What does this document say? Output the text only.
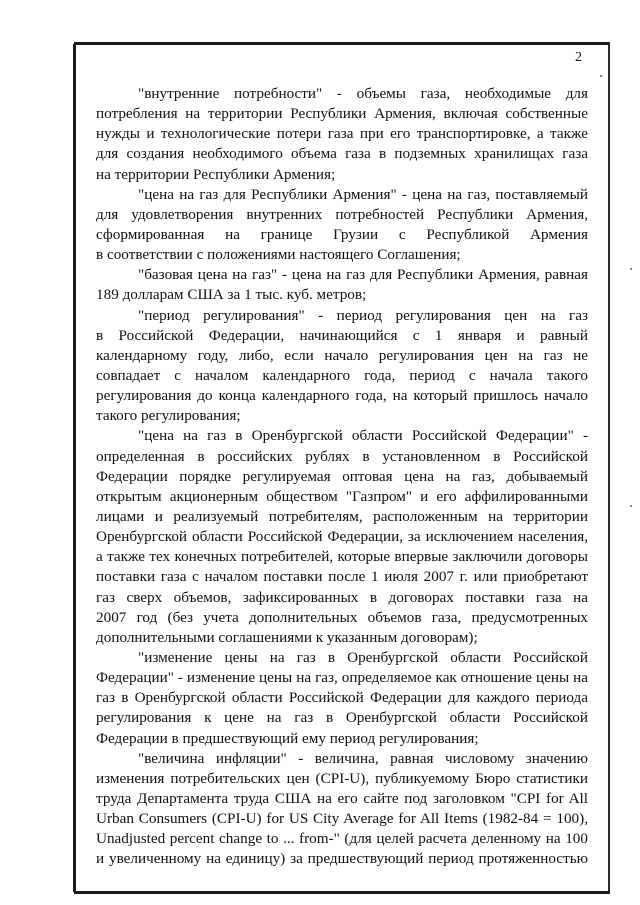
2
"внутренние потребности" - объемы газа, необходимые для
потребления на территории Республики Армения, включая собственные
нужды и технологические потери газа при его транспортировке, а также
для создания необходимого объема газа в подземных хранилищах газа
на территории Республики Армения;
"цена на газ для Республики Армения" - цена на газ, поставляемый
для удовлетворения внутренних потребностей Республики Армения,
сформированная на границе Грузии с Республикой Армения
в соответствии с положениями настоящего Соглашения;
"базовая цена на газ" - цена на газ для Республики Армения, равная
189 долларам США за 1 тыс. куб. метров;
"период регулирования" - период регулирования цен на газ
в Российской Федерации, начинающийся с 1 января и равный
календарному году, либо, если начало регулирования цен на газ не
совпадает с началом календарного года, период с начала такого
регулирования до конца календарного года, на который пришлось начало
такого регулирования;
"цена на газ в Оренбургской области Российской Федерации" -
определенная в российских рублях в установленном в Российской
Федерации порядке регулируемая оптовая цена на газ, добываемый
открытым акционерным обществом "Газпром" и его аффилированными
лицами и реализуемый потребителям, расположенным на территории
Оренбургской области Российской Федерации, за исключением населения,
а также тех конечных потребителей, которые впервые заключили договоры
поставки газа с началом поставки после 1 июля 2007 г. или приобретают
газ сверх объемов, зафиксированных в договорах поставки газа на
2007 год (без учета дополнительных объемов газа, предусмотренных
дополнительными соглашениями к указанным договорам);
"изменение цены на газ в Оренбургской области Российской
Федерации" - изменение цены на газ, определяемое как отношение цены на
газ в Оренбургской области Российской Федерации для каждого периода
регулирования к цене на газ в Оренбургской области Российской
Федерации в предшествующий ему период регулирования;
"величина инфляции" - величина, равная числовому значению
изменения потребительских цен (CPI-U), публикуемому Бюро статистики
труда Департамента труда США на его сайте под заголовком "CPI for All
Urban Consumers (CPI-U) for US City Average for All Items (1982-84 = 100),
Unadjusted percent change to ... from-" (для целей расчета деленному на 100
и увеличенному на единицу) за предшествующий период протяженностью
